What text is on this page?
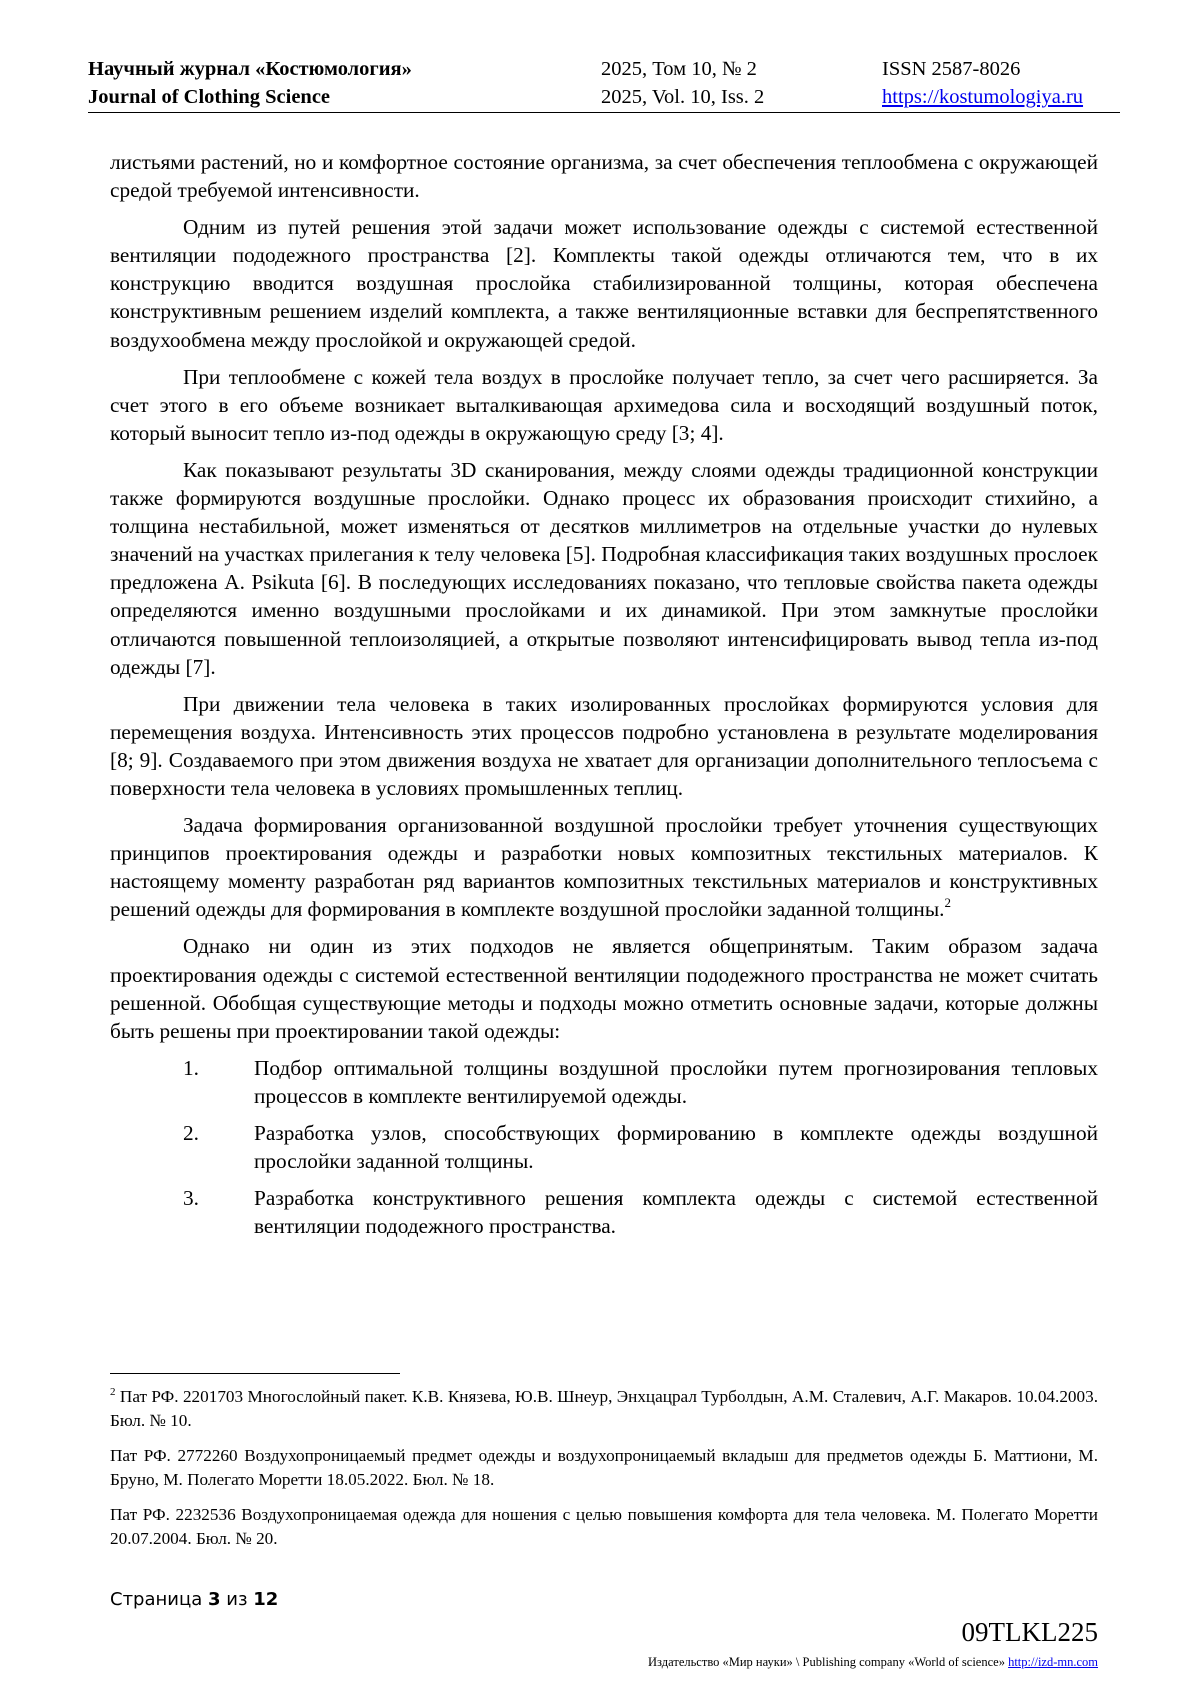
Научный журнал «Костюмология»
Journal of Clothing Science
2025, Том 10, № 2
2025, Vol. 10, Iss. 2
ISSN 2587-8026
https://kostumologiya.ru

листьями растений, но и комфортное состояние организма, за счет обеспечения теплообмена с окружающей средой требуемой интенсивности.

Одним из путей решения этой задачи может использование одежды с системой естественной вентиляции пододежного пространства [2]. Комплекты такой одежды отличаются тем, что в их конструкцию вводится воздушная прослойка стабилизированной толщины, которая обеспечена конструктивным решением изделий комплекта, а также вентиляционные вставки для беспрепятственного воздухообмена между прослойкой и окружающей средой.

При теплообмене с кожей тела воздух в прослойке получает тепло, за счет чего расширяется. За счет этого в его объеме возникает выталкивающая архимедова сила и восходящий воздушный поток, который выносит тепло из-под одежды в окружающую среду [3; 4].

Как показывают результаты 3D сканирования, между слоями одежды традиционной конструкции также формируются воздушные прослойки. Однако процесс их образования происходит стихийно, а толщина нестабильной, может изменяться от десятков миллиметров на отдельные участки до нулевых значений на участках прилегания к телу человека [5]. Подробная классификация таких воздушных прослоек предложена A. Psikuta [6]. В последующих исследованиях показано, что тепловые свойства пакета одежды определяются именно воздушными прослойками и их динамикой. При этом замкнутые прослойки отличаются повышенной теплоизоляцией, а открытые позволяют интенсифицировать вывод тепла из-под одежды [7].

При движении тела человека в таких изолированных прослойках формируются условия для перемещения воздуха. Интенсивность этих процессов подробно установлена в результате моделирования [8; 9]. Создаваемого при этом движения воздуха не хватает для организации дополнительного теплосъема с поверхности тела человека в условиях промышленных теплиц.

Задача формирования организованной воздушной прослойки требует уточнения существующих принципов проектирования одежды и разработки новых композитных текстильных материалов. К настоящему моменту разработан ряд вариантов композитных текстильных материалов и конструктивных решений одежды для формирования в комплекте воздушной прослойки заданной толщины.$^2$

Однако ни один из этих подходов не является общепринятым. Таким образом задача проектирования одежды с системой естественной вентиляции пододежного пространства не может считать решенной. Обобщая существующие методы и подходы можно отметить основные задачи, которые должны быть решены при проектировании такой одежды:

1.	Подбор оптимальной толщины воздушной прослойки путем прогнозирования тепловых процессов в комплекте вентилируемой одежды.
2.	Разработка узлов, способствующих формированию в комплекте одежды воздушной прослойки заданной толщины.
3.	Разработка конструктивного решения комплекта одежды с системой естественной вентиляции пододежного пространства.

$^2$ Пат РФ. 2201703 Многослойный пакет. К.В. Князева, Ю.В. Шнеур, Энхцацрал Турболдын, А.М. Сталевич, А.Г. Макаров. 10.04.2003. Бюл. № 10.

Пат РФ. 2772260 Воздухопроницаемый предмет одежды и воздухопроницаемый вкладыш для предметов одежды Б. Маттиони, М. Бруно, М. Полегато Моретти 18.05.2022. Бюл. № 18.

Пат РФ. 2232536 Воздухопроницаемая одежда для ношения с целью повышения комфорта для тела человека. М. Полегато Моретти 20.07.2004. Бюл. № 20.

Страница 3 из 12
09TLKL225
Издательство «Мир науки» \ Publishing company «World of science» http://izd-mn.com
